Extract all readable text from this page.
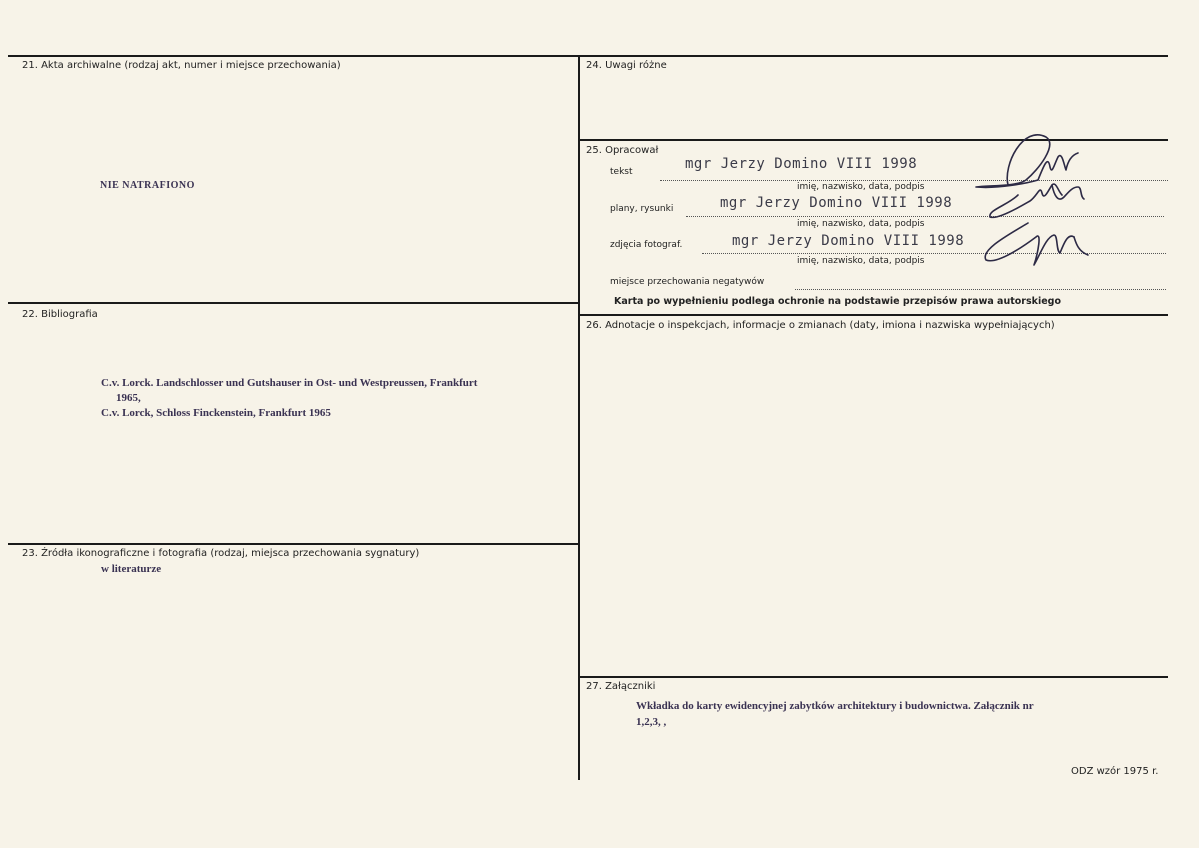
21. Akta archiwalne (rodzaj akt, numer i miejsce przechowania)
NIE NATRAFIONO
22. Bibliografia
C.v. Lorck. Landschlosser und Gutshauser in Ost- und Westpreussen, Frankfurt
1965,
C.v. Lorck, Schloss Finckenstein, Frankfurt 1965
23. Źródła ikonograficzne i fotografia (rodzaj, miejsca przechowania sygnatury)
w literaturze
24. Uwagi różne
25. Opracował
tekst	mgr Jerzy Domino VIII 1998
imię, nazwisko, data, podpis
plany, rysunki	mgr Jerzy Domino VIII 1998
imię, nazwisko, data, podpis
zdjęcia fotograf.	mgr Jerzy Domino VIII 1998
imię, nazwisko, data, podpis
miejsce przechowania negatywów
Karta po wypełnieniu podlega ochronie na podstawie przepisów prawa autorskiego
26. Adnotacje o inspekcjach, informacje o zmianach (daty, imiona i nazwiska wypełniających)
27. Załączniki
Wkładka do karty ewidencyjnej zabytków architektury i budownictwa. Załącznik nr
1,2,3, ,
ODZ wzór 1975 r.
